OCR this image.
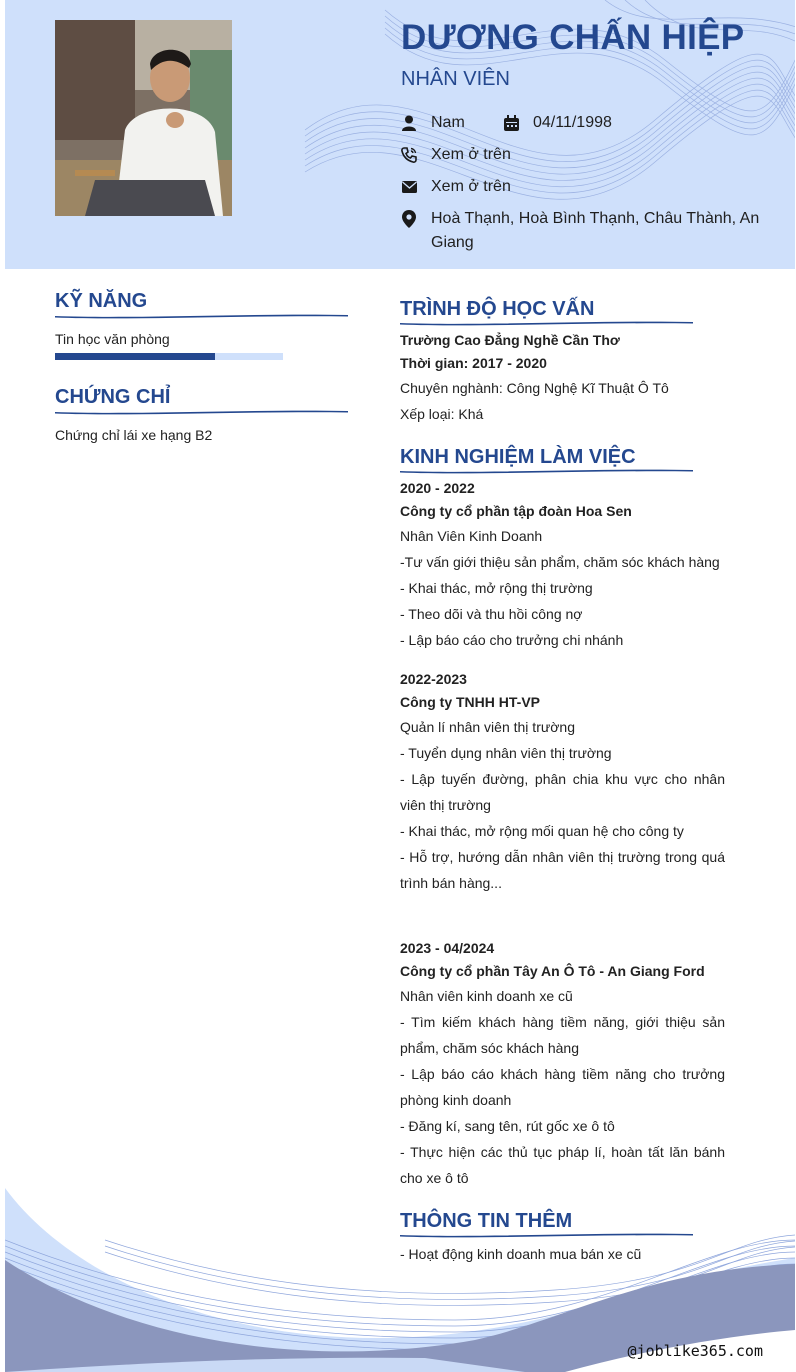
DƯƠNG CHẤN HIỆP
NHÂN VIÊN
Nam	04/11/1998
Xem ở trên
Xem ở trên
Hoà Thạnh, Hoà Bình Thạnh, Châu Thành, An Giang
KỸ NĂNG
Tin học văn phòng
CHỨNG CHỈ
Chứng chỉ lái xe hạng B2
TRÌNH ĐỘ HỌC VẤN
Trường Cao Đẳng Nghề Cần Thơ
Thời gian: 2017 - 2020
Chuyên nghành: Công Nghệ Kĩ Thuật Ô Tô
Xếp loại: Khá
KINH NGHIỆM LÀM VIỆC
2020 - 2022
Công ty cổ phần tập đoàn Hoa Sen
Nhân Viên Kinh Doanh
-Tư vấn giới thiệu sản phẩm, chăm sóc khách hàng
- Khai thác, mở rộng thị trường
- Theo dõi và thu hồi công nợ
- Lập báo cáo cho trưởng chi nhánh
2022-2023
Công ty TNHH HT-VP
Quản lí nhân viên thị trường
- Tuyển dụng nhân viên thị trường
- Lập tuyến đường, phân chia khu vực cho nhân viên thị trường
- Khai thác, mở rộng mối quan hệ cho công ty
- Hỗ trợ, hướng dẫn nhân viên thị trường trong quá trình bán hàng...
2023 - 04/2024
Công ty cổ phần Tây An Ô Tô - An Giang Ford
Nhân viên kinh doanh xe cũ
- Tìm kiếm khách hàng tiềm năng, giới thiệu sản phẩm, chăm sóc khách hàng
- Lập báo cáo khách hàng tiềm năng cho trưởng phòng kinh doanh
- Đăng kí, sang tên, rút gốc xe ô tô
- Thực hiện các thủ tục pháp lí, hoàn tất lăn bánh cho xe ô tô
THÔNG TIN THÊM
- Hoạt động kinh doanh mua bán xe cũ
@joblike365.com
